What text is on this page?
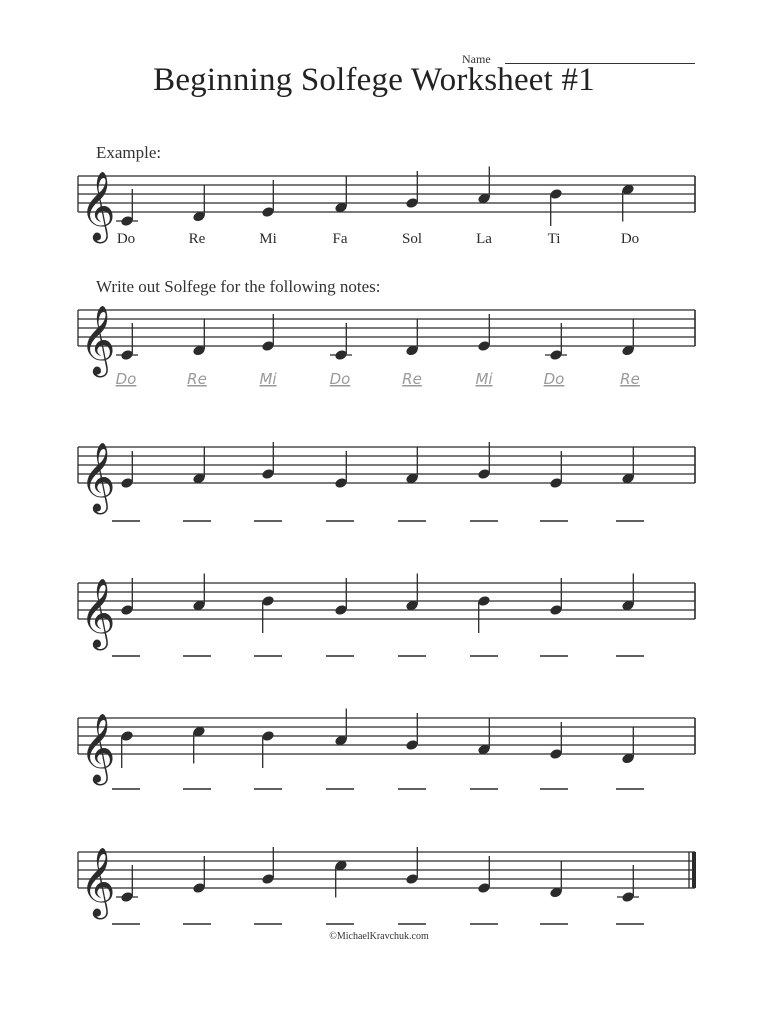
Name
Beginning Solfege Worksheet #1
Example:
Write out Solfege for the following notes:
𝄞 Do	Re	Mi	Fa	Sol	La	Ti	Do
𝄞
Do	Re	Mi	Do	Re	Mi	Do	Re
𝄞
𝄞
𝄞
𝄞
©MichaelKravchuk.com
